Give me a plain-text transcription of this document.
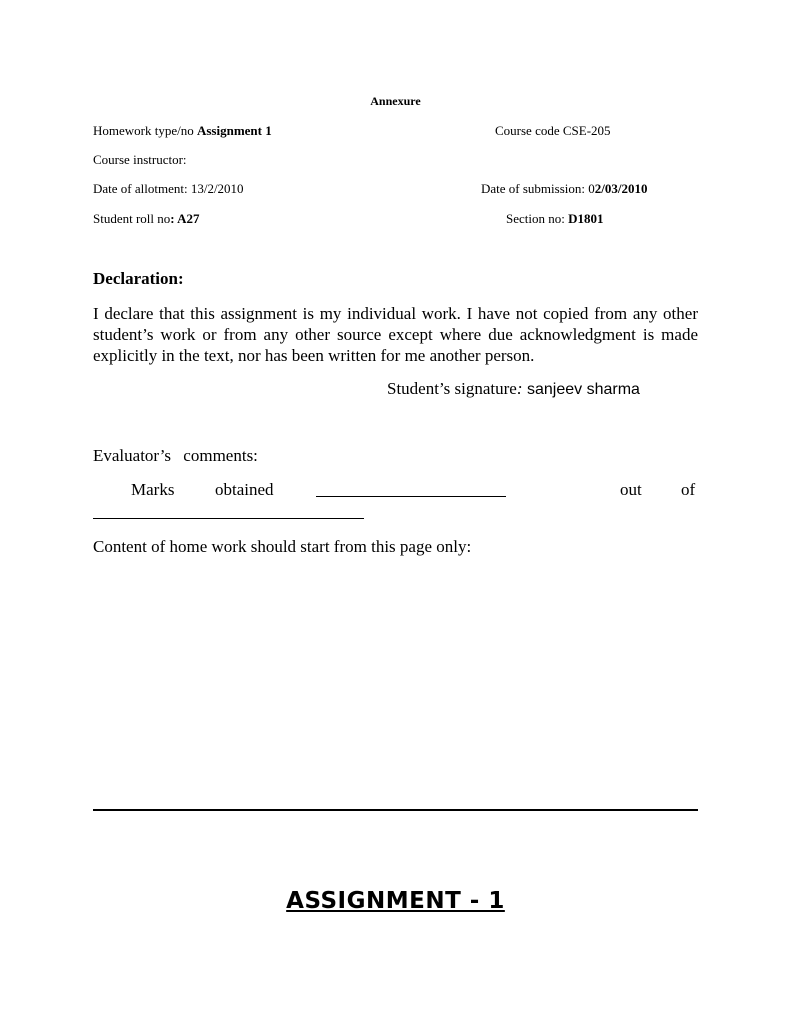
Annexure
Homework type/no Assignment 1	Course code CSE-205
Course instructor:
Date of allotment: 13/2/2010	Date of submission: 02/03/2010
Student roll no: A27	Section no: D1801
Declaration:
I declare that this assignment is my individual work. I have not copied from any other student’s work or from any other source except where due acknowledgment is made explicitly in the text, nor has been written for me another person.
Student’s signature: sanjeev sharma
Evaluator’s comments:
Marks obtained	out of
Content of home work should start from this page only:
ASSIGNMENT - 1
